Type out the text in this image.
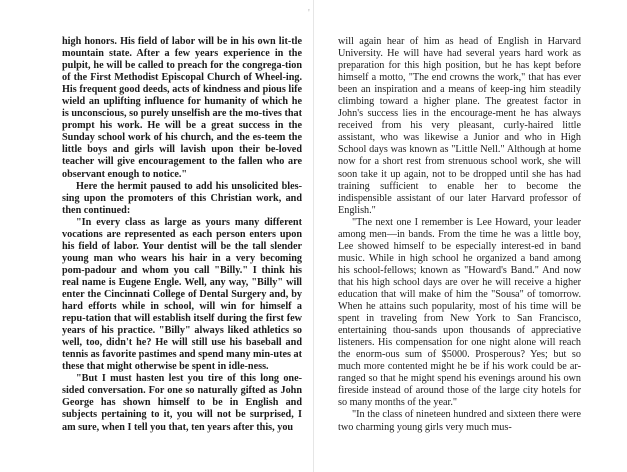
'

high honors. His field of labor will be in his own lit-tle mountain state. After a few years experience in the pulpit, he will be called to preach for the congrega-tion of the First Methodist Episcopal Church of Wheel-ing. His frequent good deeds, acts of kindness and pious life wield an uplifting influence for humanity of which he is unconscious, so purely unselfish are the mo-tives that prompt his work. He will be a great success in the Sunday school work of his church, and the es-teem the little boys and girls will lavish upon their be-loved teacher will give encouragement to the fallen who are observant enough to notice."

Here the hermit paused to add his unsolicited bles-sing upon the promoters of this Christian work, and then continued:

"In every class as large as yours many different vocations are represented as each person enters upon his field of labor. Your dentist will be the tall slender young man who wears his hair in a very becoming pom-padour and whom you call "Billy." I think his real name is Eugene Engle. Well, any way, "Billy" will enter the Cincinnati College of Dental Surgery and, by hard efforts while in school, will win for himself a repu-tation that will establish itself during the first few years of his practice. "Billy" always liked athletics so well, too, didn't he? He will still use his baseball and tennis as favorite pastimes and spend many min-utes at these that might otherwise be spent in idle-ness.

"But I must hasten lest you tire of this long one-sided conversation. For one so naturally gifted as John George has shown himself to be in English and subjects pertaining to it, you will not be surprised, I am sure, when I tell you that, ten years after this, you

will again hear of him as head of English in Harvard University. He will have had several years hard work as preparation for this high position, but he has kept before himself a motto, "The end crowns the work," that has ever been an inspiration and a means of keep-ing him steadily climbing toward a higher plane. The greatest factor in John's success lies in the encourage-ment he has always received from his very pleasant, curly-haired little assistant, who was likewise a Junior and who in High School days was known as "Little Nell." Although at home now for a short rest from strenuous school work, she will soon take it up again, not to be dropped until she has had training sufficient to enable her to become the indispensible assistant of our later Harvard professor of English."

"The next one I remember is Lee Howard, your leader among men—in bands. From the time he was a little boy, Lee showed himself to be especially interest-ed in band music. While in high school he organized a band among his school-fellows; known as "Howard's Band." And now that his high school days are over he will receive a higher education that will make of him the "Sousa" of tomorrow. When he attains such popularity, most of his time will be spent in traveling from New York to San Francisco, entertaining thou-sands upon thousands of appreciative listeners. His compensation for one night alone will reach the enorm-ous sum of $5000. Prosperous? Yes; but so much more contented might he be if his work could be ar-ranged so that he might spend his evenings around his own fireside instead of around those of the large city hotels for so many months of the year."

"In the class of nineteen hundred and sixteen there were two charming young girls very much mus-
